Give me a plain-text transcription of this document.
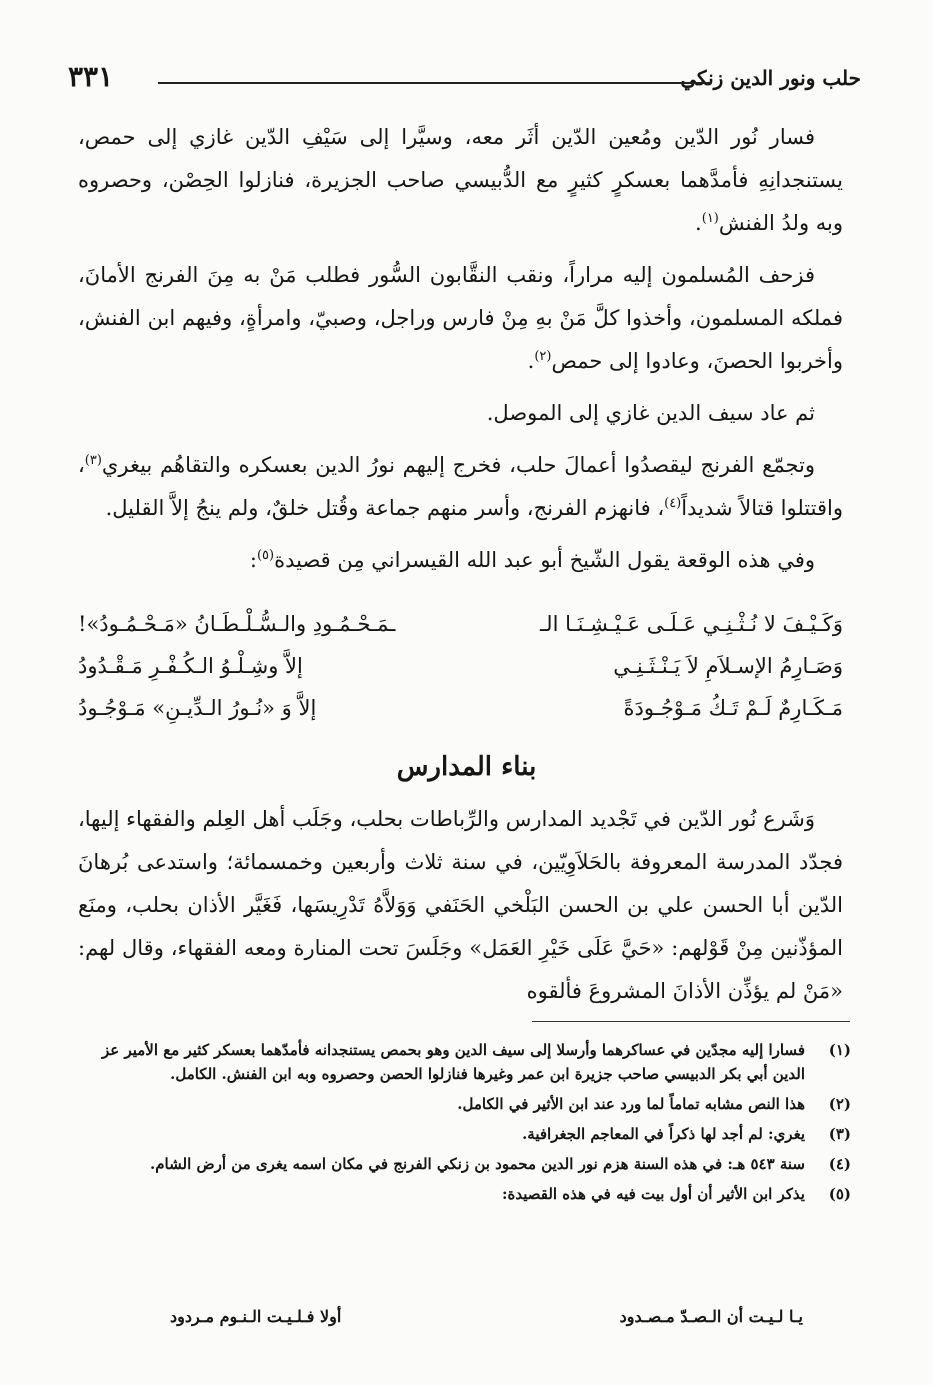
حلب ونور الدين زنكي
٣٣١

فسار نُور الدّين ومُعين الدّين أثَر معه، وسيَّرا إلى سَيْفِ الدّين غازي إلى حمص، يستنجدانِهِ فأمدَّهما بعسكرٍ كثيرٍ مع الدُّبيسي صاحب الجزيرة، فنازلوا الحِصْن، وحصروه وبه ولدُ الفنش$^{(١)}$.

فزحف المُسلمون إليه مراراً، ونقب النقَّابون السُّور فطلب مَنْ به مِنَ الفرنج الأمانَ، فملكه المسلمون، وأخذوا كلَّ مَنْ بهِ مِنْ فارس وراجل، وصبيّ، وامرأةٍ، وفيهم ابن الفنش، وأخربوا الحصنَ، وعادوا إلى حمص$^{(٢)}$.

ثم عاد سيف الدين غازي إلى الموصل.

وتجمّع الفرنج ليقصدُوا أعمالَ حلب، فخرج إليهم نورُ الدين بعسكره والتقاهُم بيغري$^{(٣)}$، واقتتلوا قتالاً شديداً$^{(٤)}$، فانهزم الفرنج، وأسر منهم جماعة وقُتل خلقٌ، ولم ينجُ إلاَّ القليل.

وفي هذه الوقعة يقول الشّيخ أبو عبد الله القيسراني مِن قصيدة$^{(٥)}$:

وَكَـيْـفَ لا نُـثْـنِـي عَـلَـى عَـيْـشِـنَـا الـ
ـمَـحْـمُـودِ والـسُّـلْـطَـانُ «مَـحْـمُـودُ»!
وَصَـارِمُ الإسـلاَمِ لاَ يَـنْـثَـنِـي
إلاَّ وشِـلْـوُ الـكُـفْـرِ مَـقْـدُودُ
مَـكَـارِمٌ لَـمْ تَـكُ مَـوْجُـودَةً
إلاَّ وَ «نُـورُ الـدِّيـنِ» مَـوْجُـودُ
بناء المدارس

وَشَرع نُور الدّين في تَجْديد المدارس والرِّباطات بحلب، وجَلَب أهل العِلم والفقهاء إليها، فجدّد المدرسة المعروفة بالحَلاَوِيّين، في سنة ثلاث وأربعين وخمسمائة؛ واستدعى بُرهانَ الدّين أبا الحسن علي بن الحسن البَلْخي الحَنَفي وَوَلاَّهُ تَدْرِيسَها، فَغَيَّر الأذان بحلب، ومنَع المؤذّنين مِنْ قَوْلهم: «حَيَّ عَلَى خَيْرِ العَمَل» وجَلَسَ تحت المنارة ومعه الفقهاء، وقال لهم: «مَنْ لم يؤذِّن الأذانَ المشروعَ فألقوه

(١)
فسارا إليه مجدّين في عساكرهما وأرسلا إلى سيف الدين وهو بحمص يستنجدانه فأمدّهما بعسكر كثير مع الأمير عز الدين أبي بكر الدبيسي صاحب جزيرة ابن عمر وغيرها فنازلوا الحصن وحصروه وبه ابن الفنش. الكامل.
(٢)
هذا النص مشابه تماماً لما ورد عند ابن الأثير في الكامل.
(٣)
يغري: لم أجد لها ذكراً في المعاجم الجغرافية.
(٤)
سنة ٥٤٣ هـ: في هذه السنة هزم نور الدين محمود بن زنكي الفرنج في مكان اسمه يغرى من أرض الشام.
(٥)
يذكر ابن الأثير أن أول بيت فيه في هذه القصيدة:
يـا لـيـت أن الـصـدّ مـصـدود
أولا فـلـيـت الـنـوم مـردود
